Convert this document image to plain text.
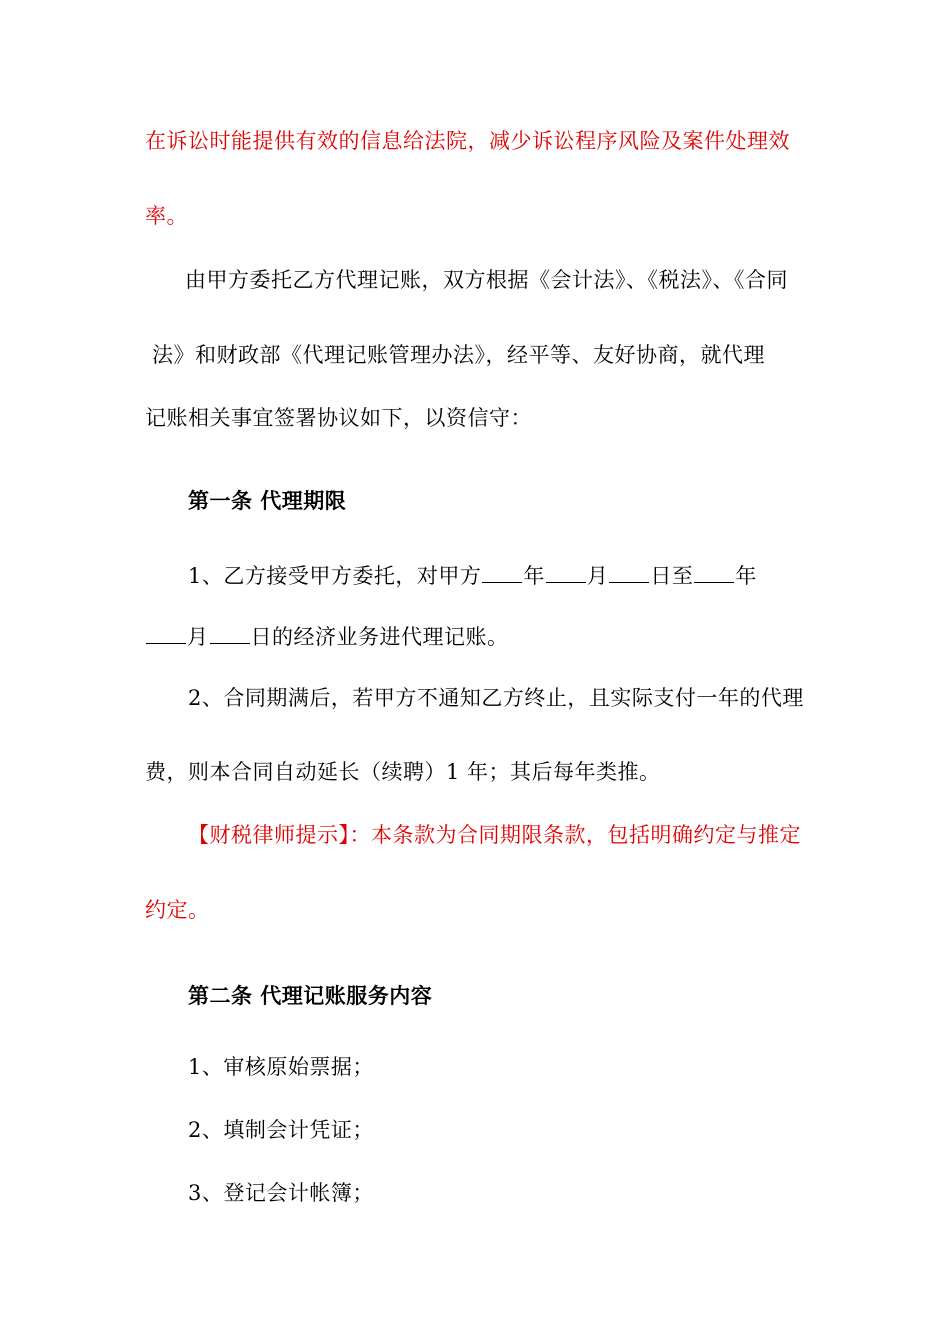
在诉讼时能提供有效的信息给法院，减少诉讼程序风险及案件处理效
率。
由甲方委托乙方代理记账，双方根据《会计法》、《税法》、《合同
法》和财政部《代理记账管理办法》，经平等、友好协商，就代理
记账相关事宜签署协议如下，以资信守：
第一条 代理期限
1、乙方接受甲方委托，对甲方 年 月 日至 年
月 日的经济业务进代理记账。
2、合同期满后，若甲方不通知乙方终止，且实际支付一年的代理
费，则本合同自动延长（续聘）1 年；其后每年类推。
【财税律师提示】：本条款为合同期限条款，包括明确约定与推定
约定。
第二条 代理记账服务内容
1、审核原始票据；
2、填制会计凭证；
3、登记会计帐簿；
